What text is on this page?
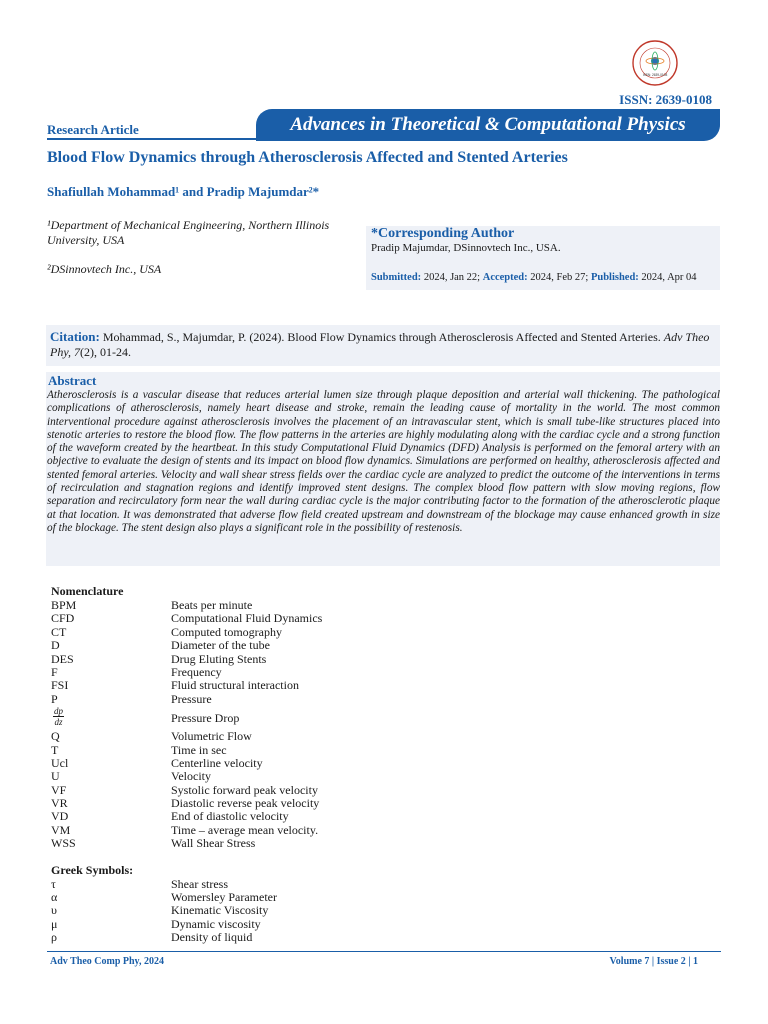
ISSN: 2639-0108
ISSN: 2639-0108
Research Article	Advances in Theoretical & Computational Physics
Blood Flow Dynamics through Atherosclerosis Affected and Stented Arteries
Shafiullah Mohammad¹ and Pradip Majumdar²*
¹Department of Mechanical Engineering, Northern Illinois University, USA
²DSinnovtech Inc., USA
*Corresponding Author
Pradip Majumdar, DSinnovtech Inc., USA.
Submitted: 2024, Jan 22; Accepted: 2024, Feb 27; Published: 2024, Apr 04
Citation: Mohammad, S., Majumdar, P. (2024). Blood Flow Dynamics through Atherosclerosis Affected and Stented Arteries. Adv Theo Phy, 7(2), 01-24.
Abstract
Atherosclerosis is a vascular disease that reduces arterial lumen size through plaque deposition and arterial wall thickening. The pathological complications of atherosclerosis, namely heart disease and stroke, remain the leading cause of mortality in the world. The most common interventional procedure against atherosclerosis involves the placement of an intravascular stent, which is small tube-like structures placed into stenotic arteries to restore the blood flow. The flow patterns in the arteries are highly modulating along with the cardiac cycle and a strong function of the waveform created by the heartbeat. In this study Computational Fluid Dynamics (DFD) Analysis is performed on the femoral artery with an objective to evaluate the design of stents and its impact on blood flow dynamics. Simulations are performed on healthy, atherosclerosis affected and stented femoral arteries. Velocity and wall shear stress fields over the cardiac cycle are analyzed to predict the outcome of the interventions in terms of recirculation and stagnation regions and identify improved stent designs. The complex blood flow pattern with slow moving regions, flow separation and recirculatory form near the wall during cardiac cycle is the major contributing factor to the formation of the atherosclerotic plaque at that location. It was demonstrated that adverse flow field created upstream and downstream of the blockage may cause enhanced growth in size of the blockage. The stent design also plays a significant role in the possibility of restenosis.
Nomenclature
BPM	Beats per minute
CFD	Computational Fluid Dynamics
CT	Computed tomography
D	Diameter of the tube
DES	Drug Eluting Stents
F	Frequency
FSI	Fluid structural interaction
P	Pressure
$\frac{dp}{dz}$	Pressure Drop
Q	Volumetric Flow
T	Time in sec
Ucl	Centerline velocity
U	Velocity
VF	Systolic forward peak velocity
VR	Diastolic reverse peak velocity
VD	End of diastolic velocity
VM	Time – average mean velocity.
WSS	Wall Shear Stress
Greek Symbols:
τ	Shear stress
α	Womersley Parameter
υ	Kinematic Viscosity
μ	Dynamic viscosity
ρ	Density of liquid
Adv Theo Comp Phy, 2024	Volume 7 | Issue 2 | 1
